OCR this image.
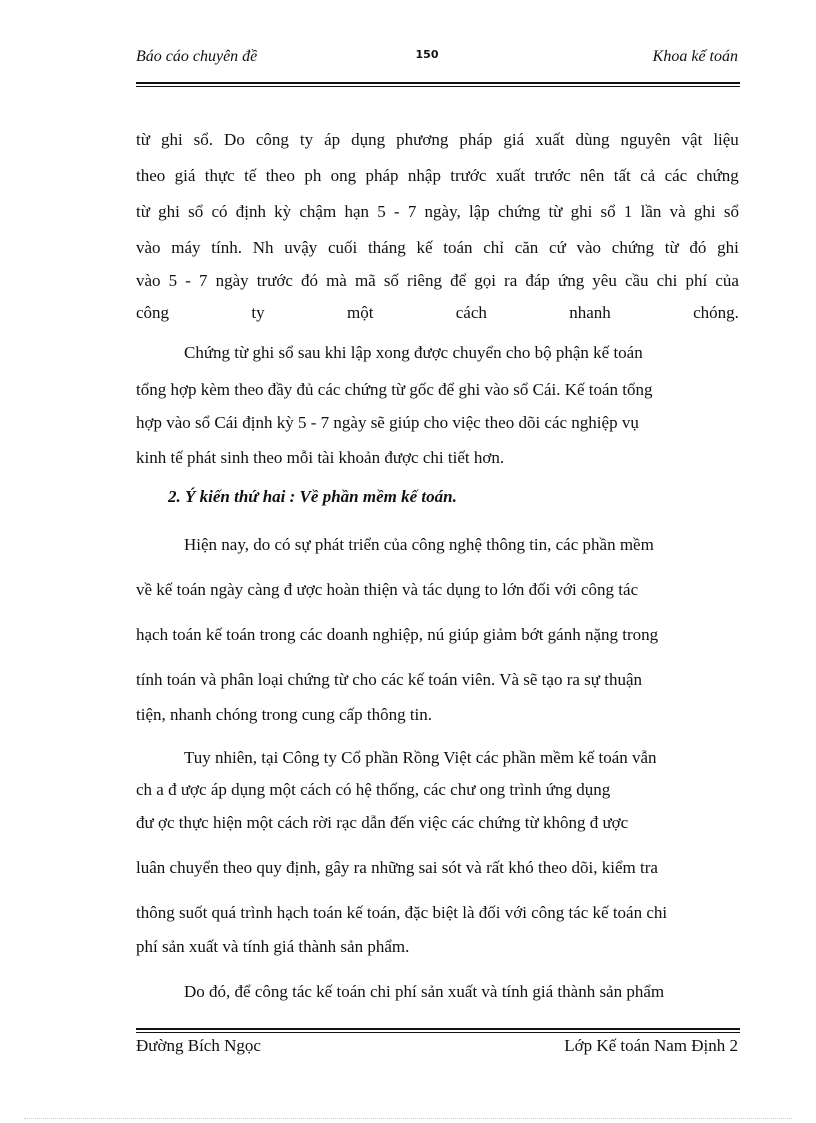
Báo cáo chuyên đề	150	Khoa kế toán
từ ghi sổ. Do công ty áp dụng phương pháp giá xuất dùng nguyên vật liệu
theo giá thực tế theo ph ong pháp nhập trước xuất trước nên tất cả các chứng
từ ghi sổ có định kỳ chậm hạn 5 - 7 ngày, lập chứng từ ghi sổ 1 lần và ghi sổ
vào máy tính. Nh uvậy cuối tháng kế toán chỉ căn cứ vào chứng từ đó ghi
vào 5 - 7 ngày trước đó mà mã số riêng để gọi ra đáp ứng yêu cầu chi phí của
công	ty	một	cách	nhanh	chóng.
Chứng từ ghi sổ sau khi lập xong được chuyển cho bộ phận kế toán
tổng hợp kèm theo đầy đủ các chứng từ gốc để ghi vào sổ Cái. Kế toán tổng
hợp vào sổ Cái định kỳ 5 - 7 ngày sẽ giúp cho việc theo dõi các nghiệp vụ
kinh tế phát sinh theo mỗi tài khoản được chi tiết hơn.
2. Ý kiến thứ hai : Về phần mềm kế toán.
Hiện nay, do có sự phát triển của công nghệ thông tin, các phần mềm
về kế toán ngày càng đ ược hoàn thiện và tác dụng to lớn đối với công tác
hạch toán kế toán trong các doanh nghiệp, nú giúp giảm bớt gánh nặng trong
tính toán và phân loại chứng từ cho các kế toán viên. Và sẽ tạo ra sự thuận
tiện, nhanh chóng trong cung cấp thông tin.
Tuy nhiên, tại Công ty Cổ phần Rồng Việt các phần mềm kế toán vẫn
ch a đ ược áp dụng một cách có hệ thống, các chư ong trình ứng dụng
đư ợc thực hiện một cách rời rạc dẫn đến việc các chứng từ không đ ược
luân chuyển theo quy định, gây ra những sai sót và rất khó theo dõi, kiểm tra
thông suốt quá trình hạch toán kế toán, đặc biệt là đối với công tác kế toán chi
phí sản xuất và tính giá thành sản phẩm.
Do đó, để công tác kế toán chi phí sản xuất và tính giá thành sản phẩm
Đường Bích Ngọc	Lớp Kế toán Nam Định 2
